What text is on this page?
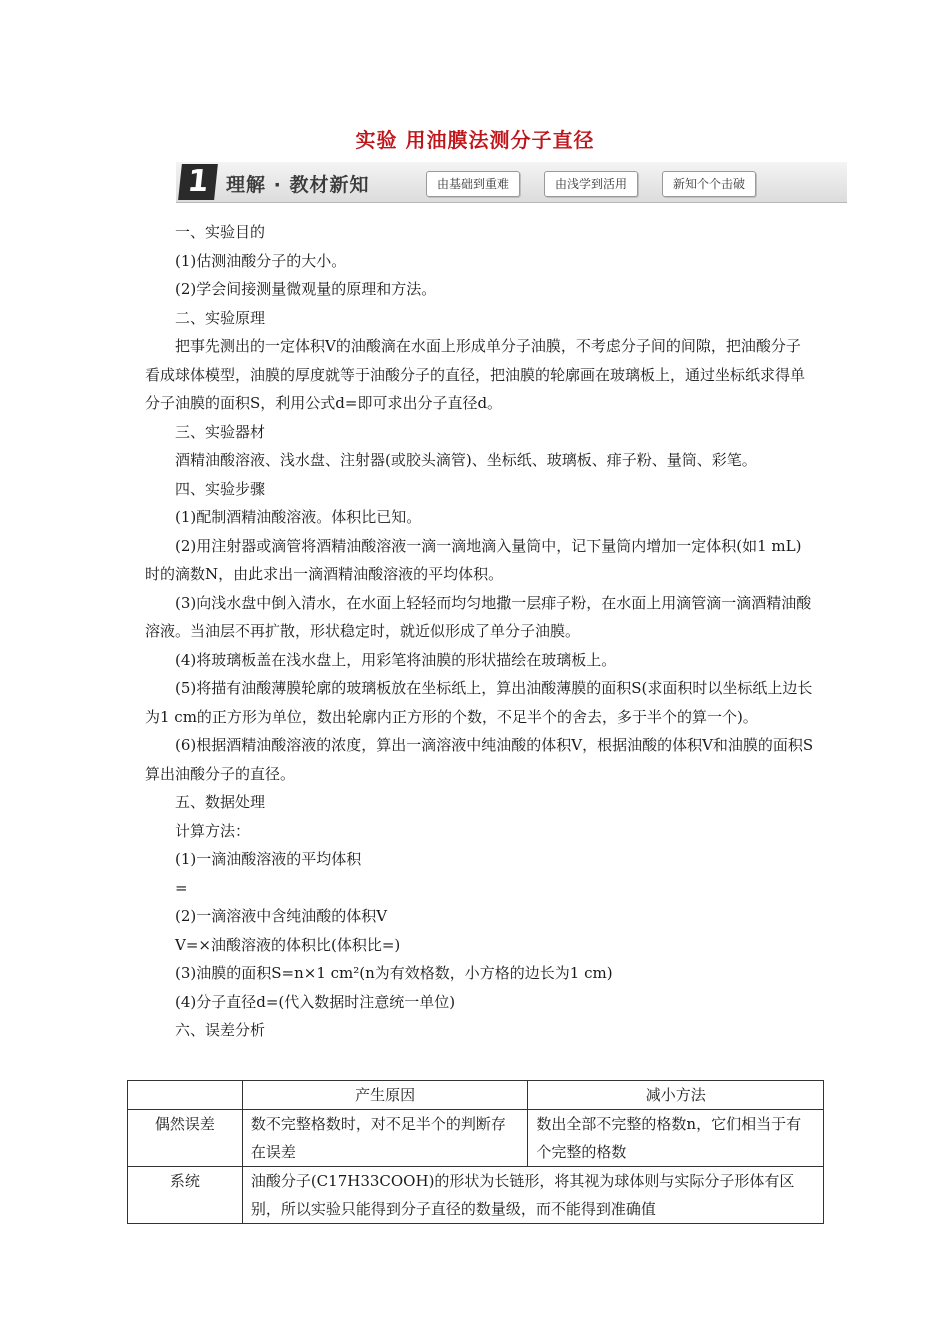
实验 用油膜法测分子直径
1 理解 · 教材新知	由基础到重难	由浅学到活用	新知个个击破

一、实验目的

(1)估测油酸分子的大小。

(2)学会间接测量微观量的原理和方法。

二、实验原理

把事先测出的一定体积V的油酸滴在水面上形成单分子油膜，不考虑分子间的间隙，把油酸分子看成球体模型，油膜的厚度就等于油酸分子的直径，把油膜的轮廓画在玻璃板上，通过坐标纸求得单分子油膜的面积S，利用公式d=即可求出分子直径d。

三、实验器材

酒精油酸溶液、浅水盘、注射器(或胶头滴管)、坐标纸、玻璃板、痱子粉、量筒、彩笔。

四、实验步骤

(1)配制酒精油酸溶液。体积比已知。

(2)用注射器或滴管将酒精油酸溶液一滴一滴地滴入量筒中，记下量筒内增加一定体积(如1 mL)时的滴数N，由此求出一滴酒精油酸溶液的平均体积。

(3)向浅水盘中倒入清水，在水面上轻轻而均匀地撒一层痱子粉，在水面上用滴管滴一滴酒精油酸溶液。当油层不再扩散，形状稳定时，就近似形成了单分子油膜。

(4)将玻璃板盖在浅水盘上，用彩笔将油膜的形状描绘在玻璃板上。

(5)将描有油酸薄膜轮廓的玻璃板放在坐标纸上，算出油酸薄膜的面积S(求面积时以坐标纸上边长为1 cm的正方形为单位，数出轮廓内正方形的个数，不足半个的舍去，多于半个的算一个)。

(6)根据酒精油酸溶液的浓度，算出一滴溶液中纯油酸的体积V，根据油酸的体积V和油膜的面积S算出油酸分子的直径。

五、数据处理

计算方法：

(1)一滴油酸溶液的平均体积

=

(2)一滴溶液中含纯油酸的体积V

V=×油酸溶液的体积比(体积比=)

(3)油膜的面积S=n×1 cm²(n为有效格数，小方格的边长为1 cm)

(4)分子直径d=(代入数据时注意统一单位)

六、误差分析

	产生原因	减小方法
偶然误差	数不完整格数时，对不足半个的判断存在误差	数出全部不完整的格数n，它们相当于有个完整的格数
系统	油酸分子(C17H33COOH)的形状为长链形，将其视为球体则与实际分子形体有区别，所以实验只能得到分子直径的数量级，而不能得到准确值	
